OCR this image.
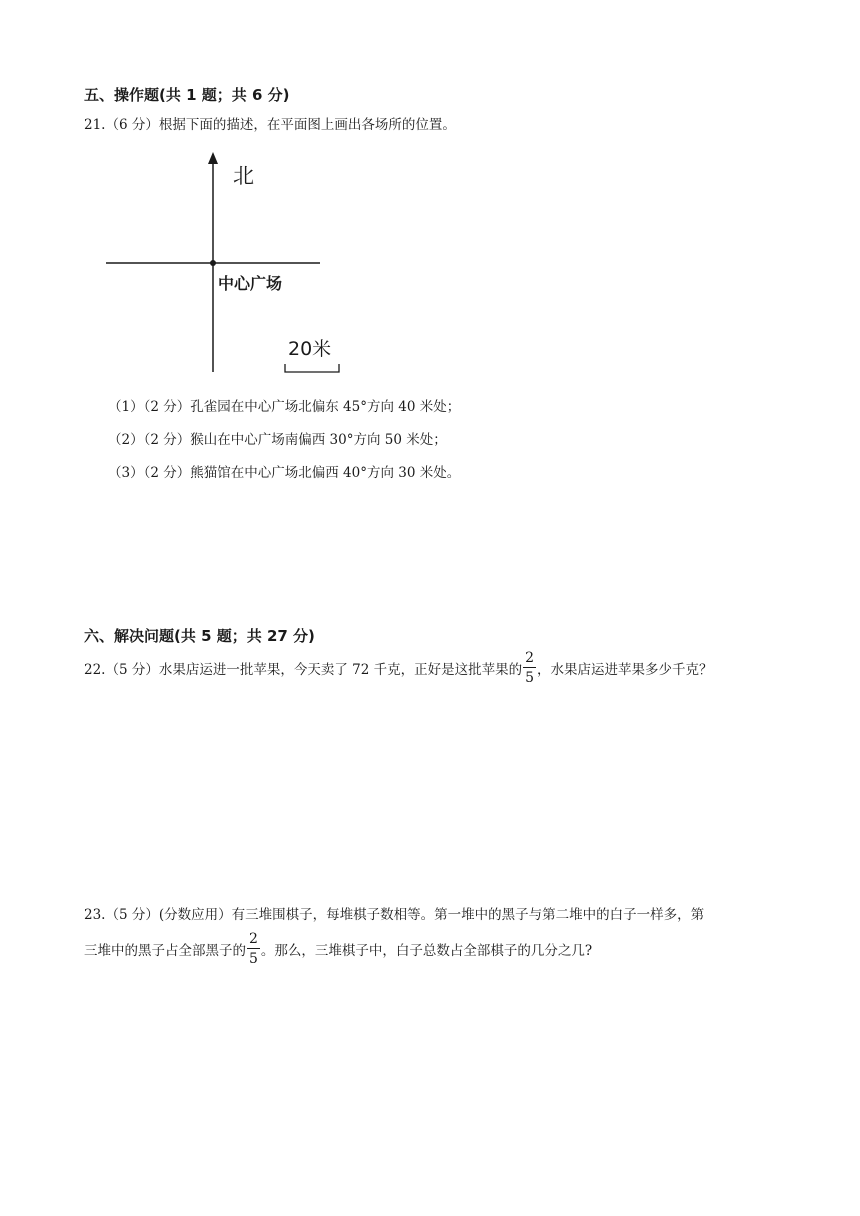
五、操作题(共 1 题；共 6 分)
21.（6 分）根据下面的描述，在平面图上画出各场所的位置。
北
中心广场
20米
（1）（2 分）孔雀园在中心广场北偏东 45°方向 40 米处；
（2）（2 分）猴山在中心广场南偏西 30°方向 50 米处；
（3）（2 分）熊猫馆在中心广场北偏西 40°方向 30 米处。
六、解决问题(共 5 题；共 27 分)
22.（5 分）水果店运进一批苹果，今天卖了 72 千克，正好是这批苹果的 $\frac{2}{5}$ ，水果店运进苹果多少千克？
23.（5 分）(分数应用）有三堆围棋子，每堆棋子数相等。第一堆中的黑子与第二堆中的白子一样多，第
三堆中的黑子占全部黑子的 $\frac{2}{5}$ 。那么，三堆棋子中，白子总数占全部棋子的几分之几?
